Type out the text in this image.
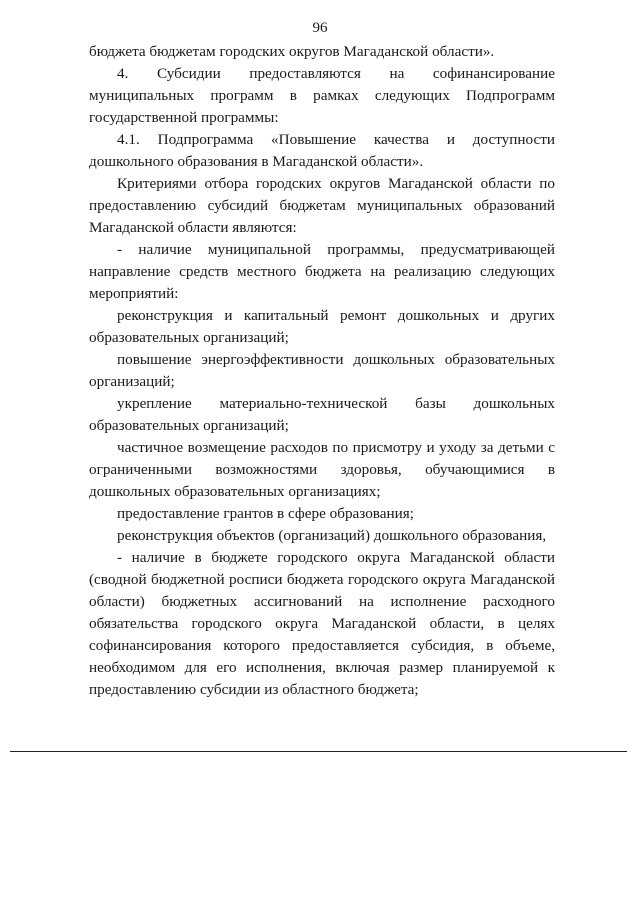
96

бюджета бюджетам городских округов Магаданской области».

4. Субсидии предоставляются на софинансирование муниципальных программ в рамках следующих Подпрограмм государственной программы:

4.1. Подпрограмма «Повышение качества и доступности дошкольного образования в Магаданской области».

Критериями отбора городских округов Магаданской области по предоставлению субсидий бюджетам муниципальных образований Магаданской области являются:

- наличие муниципальной программы, предусматривающей направление средств местного бюджета на реализацию следующих мероприятий:

реконструкция и капитальный ремонт дошкольных и других образовательных организаций;

повышение энергоэффективности дошкольных образовательных организаций;

укрепление материально-технической базы дошкольных образовательных организаций;

частичное возмещение расходов по присмотру и уходу за детьми с ограниченными возможностями здоровья, обучающимися в дошкольных образовательных организациях;

предоставление грантов в сфере образования;

реконструкция объектов (организаций) дошкольного образования,

- наличие в бюджете городского округа Магаданской области (сводной бюджетной росписи бюджета городского округа Магаданской области) бюджетных ассигнований на исполнение расходного обязательства городского округа Магаданской области, в целях софинансирования которого предоставляется субсидия, в объеме, необходимом для его исполнения, включая размер планируемой к предоставлению субсидии из областного бюджета;
